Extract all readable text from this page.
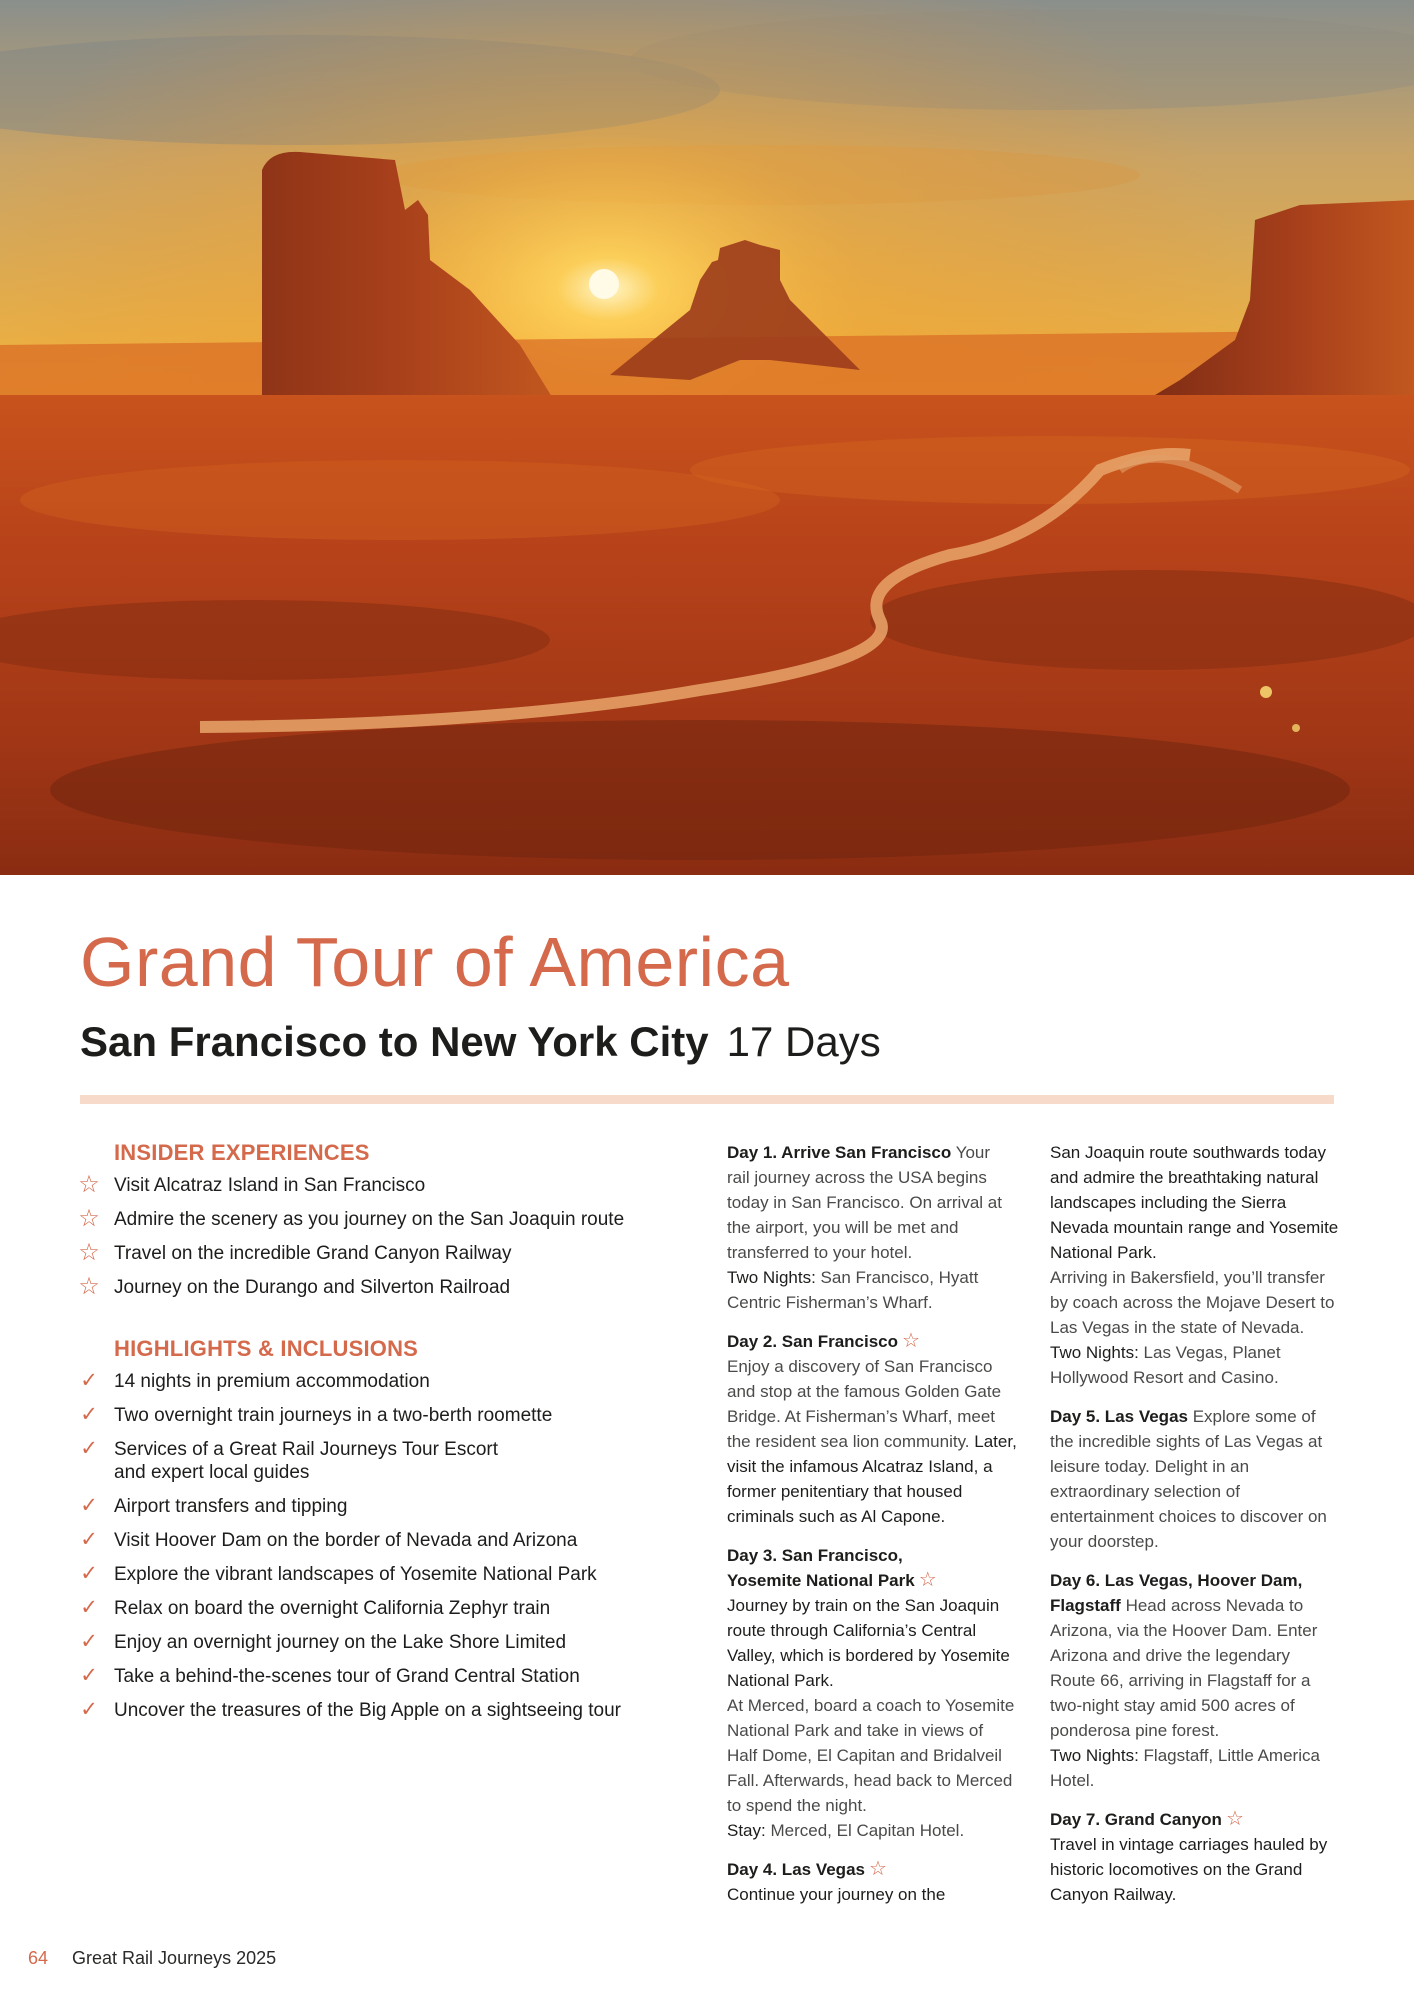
Grand Tour of America
San Francisco to New York City 17 Days
INSIDER EXPERIENCES
☆ Visit Alcatraz Island in San Francisco
☆ Admire the scenery as you journey on the San Joaquin route
☆ Travel on the incredible Grand Canyon Railway
☆ Journey on the Durango and Silverton Railroad
HIGHLIGHTS & INCLUSIONS
✓ 14 nights in premium accommodation
✓ Two overnight train journeys in a two-berth roomette
✓ Services of a Great Rail Journeys Tour Escort
and expert local guides
✓ Airport transfers and tipping
✓ Visit Hoover Dam on the border of Nevada and Arizona
✓ Explore the vibrant landscapes of Yosemite National Park
✓ Relax on board the overnight California Zephyr train
✓ Enjoy an overnight journey on the Lake Shore Limited
✓ Take a behind-the-scenes tour of Grand Central Station
✓ Uncover the treasures of the Big Apple on a sightseeing tour
Day 1. Arrive San Francisco Your rail journey across the USA begins today in San Francisco. On arrival at the airport, you will be met and transferred to your hotel.
Two Nights: San Francisco, Hyatt Centric Fisherman’s Wharf.
Day 2. San Francisco ☆
Enjoy a discovery of San Francisco and stop at the famous Golden Gate Bridge. At Fisherman’s Wharf, meet the resident sea lion community. Later, visit the infamous Alcatraz Island, a former penitentiary that housed criminals such as Al Capone.
Day 3. San Francisco,
Yosemite National Park ☆
Journey by train on the San Joaquin route through California’s Central Valley, which is bordered by Yosemite National Park.
At Merced, board a coach to Yosemite National Park and take in views of Half Dome, El Capitan and Bridalveil Fall. Afterwards, head back to Merced to spend the night.
Stay: Merced, El Capitan Hotel.
Day 4. Las Vegas ☆
Continue your journey on the
San Joaquin route southwards today and admire the breathtaking natural landscapes including the Sierra Nevada mountain range and Yosemite National Park.
Arriving in Bakersfield, you’ll transfer by coach across the Mojave Desert to Las Vegas in the state of Nevada.
Two Nights: Las Vegas, Planet Hollywood Resort and Casino.
Day 5. Las Vegas Explore some of the incredible sights of Las Vegas at leisure today. Delight in an extraordinary selection of entertainment choices to discover on your doorstep.
Day 6. Las Vegas, Hoover Dam, Flagstaff Head across Nevada to Arizona, via the Hoover Dam. Enter Arizona and drive the legendary Route 66, arriving in Flagstaff for a two-night stay amid 500 acres of ponderosa pine forest.
Two Nights: Flagstaff, Little America Hotel.
Day 7. Grand Canyon ☆
Travel in vintage carriages hauled by historic locomotives on the Grand Canyon Railway.
64 Great Rail Journeys 2025
